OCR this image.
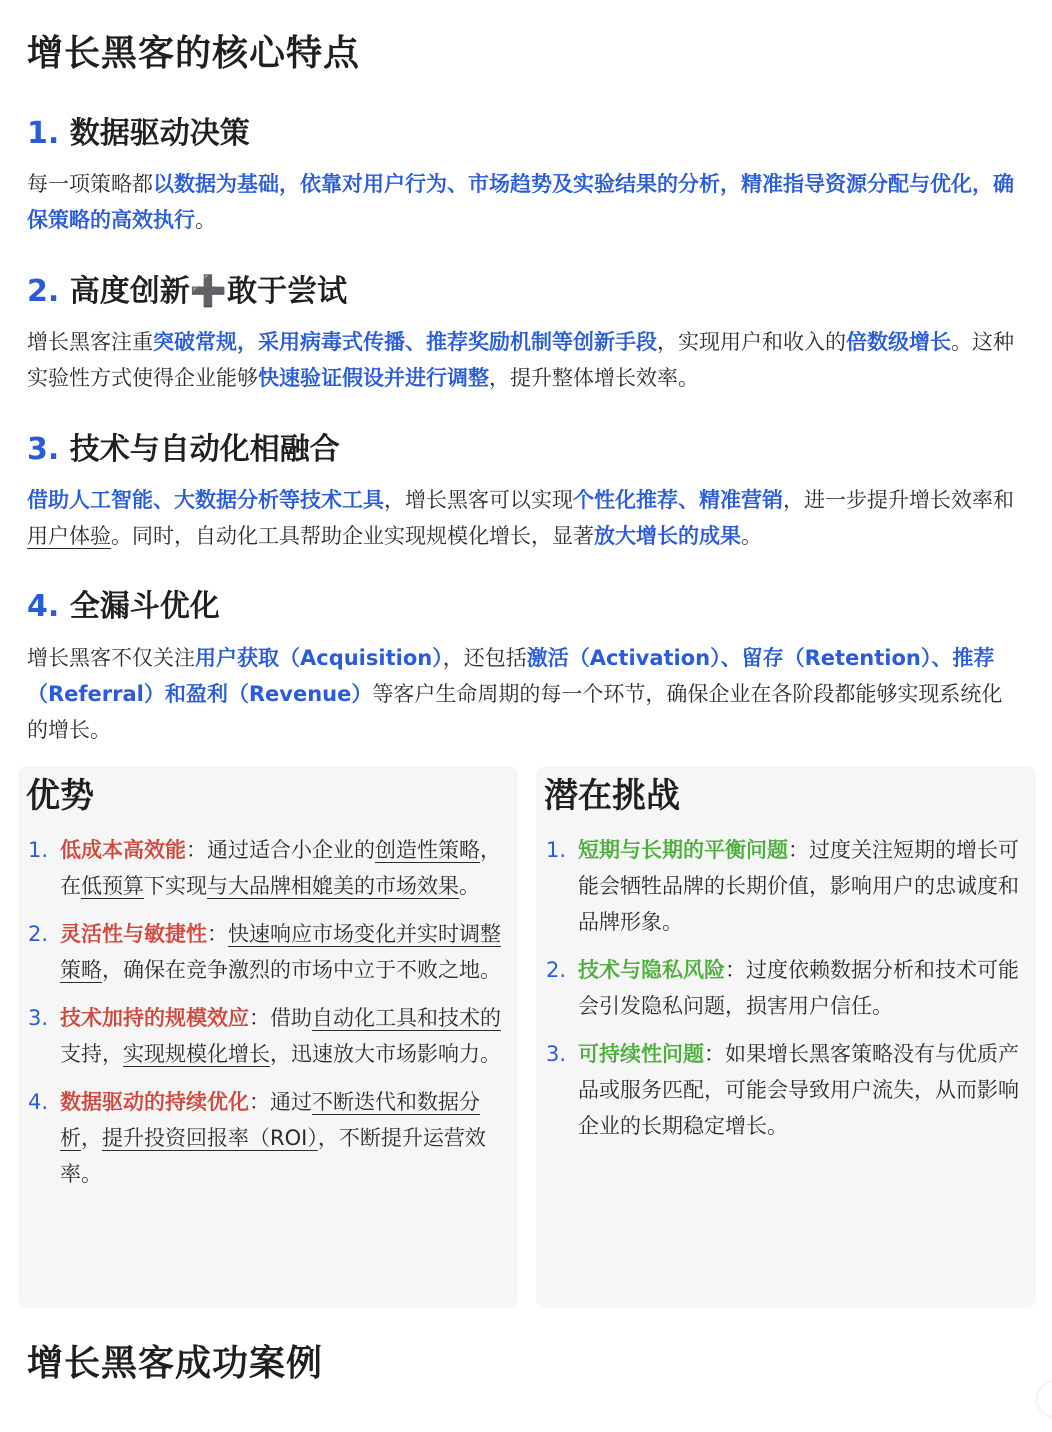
增长黑客的核心特点
1. 数据驱动决策

每一项策略都以数据为基础，依靠对用户行为、市场趋势及实验结果的分析，精准指导资源分配与优化，确保策略的高效执行。

2. 高度创新➕敢于尝试

增长黑客注重突破常规，采用病毒式传播、推荐奖励机制等创新手段，实现用户和收入的倍数级增长。这种实验性方式使得企业能够快速验证假设并进行调整，提升整体增长效率。

3. 技术与自动化相融合

借助人工智能、大数据分析等技术工具，增长黑客可以实现个性化推荐、精准营销，进一步提升增长效率和用户体验。同时，自动化工具帮助企业实现规模化增长，显著放大增长的成果。

4. 全漏斗优化

增长黑客不仅关注用户获取（Acquisition），还包括激活（Activation）、留存（Retention）、推荐（Referral）和盈利（Revenue）等客户生命周期的每一个环节，确保企业在各阶段都能够实现系统化的增长。

优势
1. 低成本高效能：通过适合小企业的创造性策略，在低预算下实现与大品牌相媲美的市场效果。
2. 灵活性与敏捷性：快速响应市场变化并实时调整策略，确保在竞争激烈的市场中立于不败之地。
3. 技术加持的规模效应：借助自动化工具和技术的支持，实现规模化增长，迅速放大市场影响力。
4. 数据驱动的持续优化：通过不断迭代和数据分析，提升投资回报率（ROI），不断提升运营效率。
潜在挑战
1. 短期与长期的平衡问题：过度关注短期的增长可能会牺牲品牌的长期价值，影响用户的忠诚度和品牌形象。
2. 技术与隐私风险：过度依赖数据分析和技术可能会引发隐私问题，损害用户信任。
3. 可持续性问题：如果增长黑客策略没有与优质产品或服务匹配，可能会导致用户流失，从而影响企业的长期稳定增长。
增长黑客成功案例
